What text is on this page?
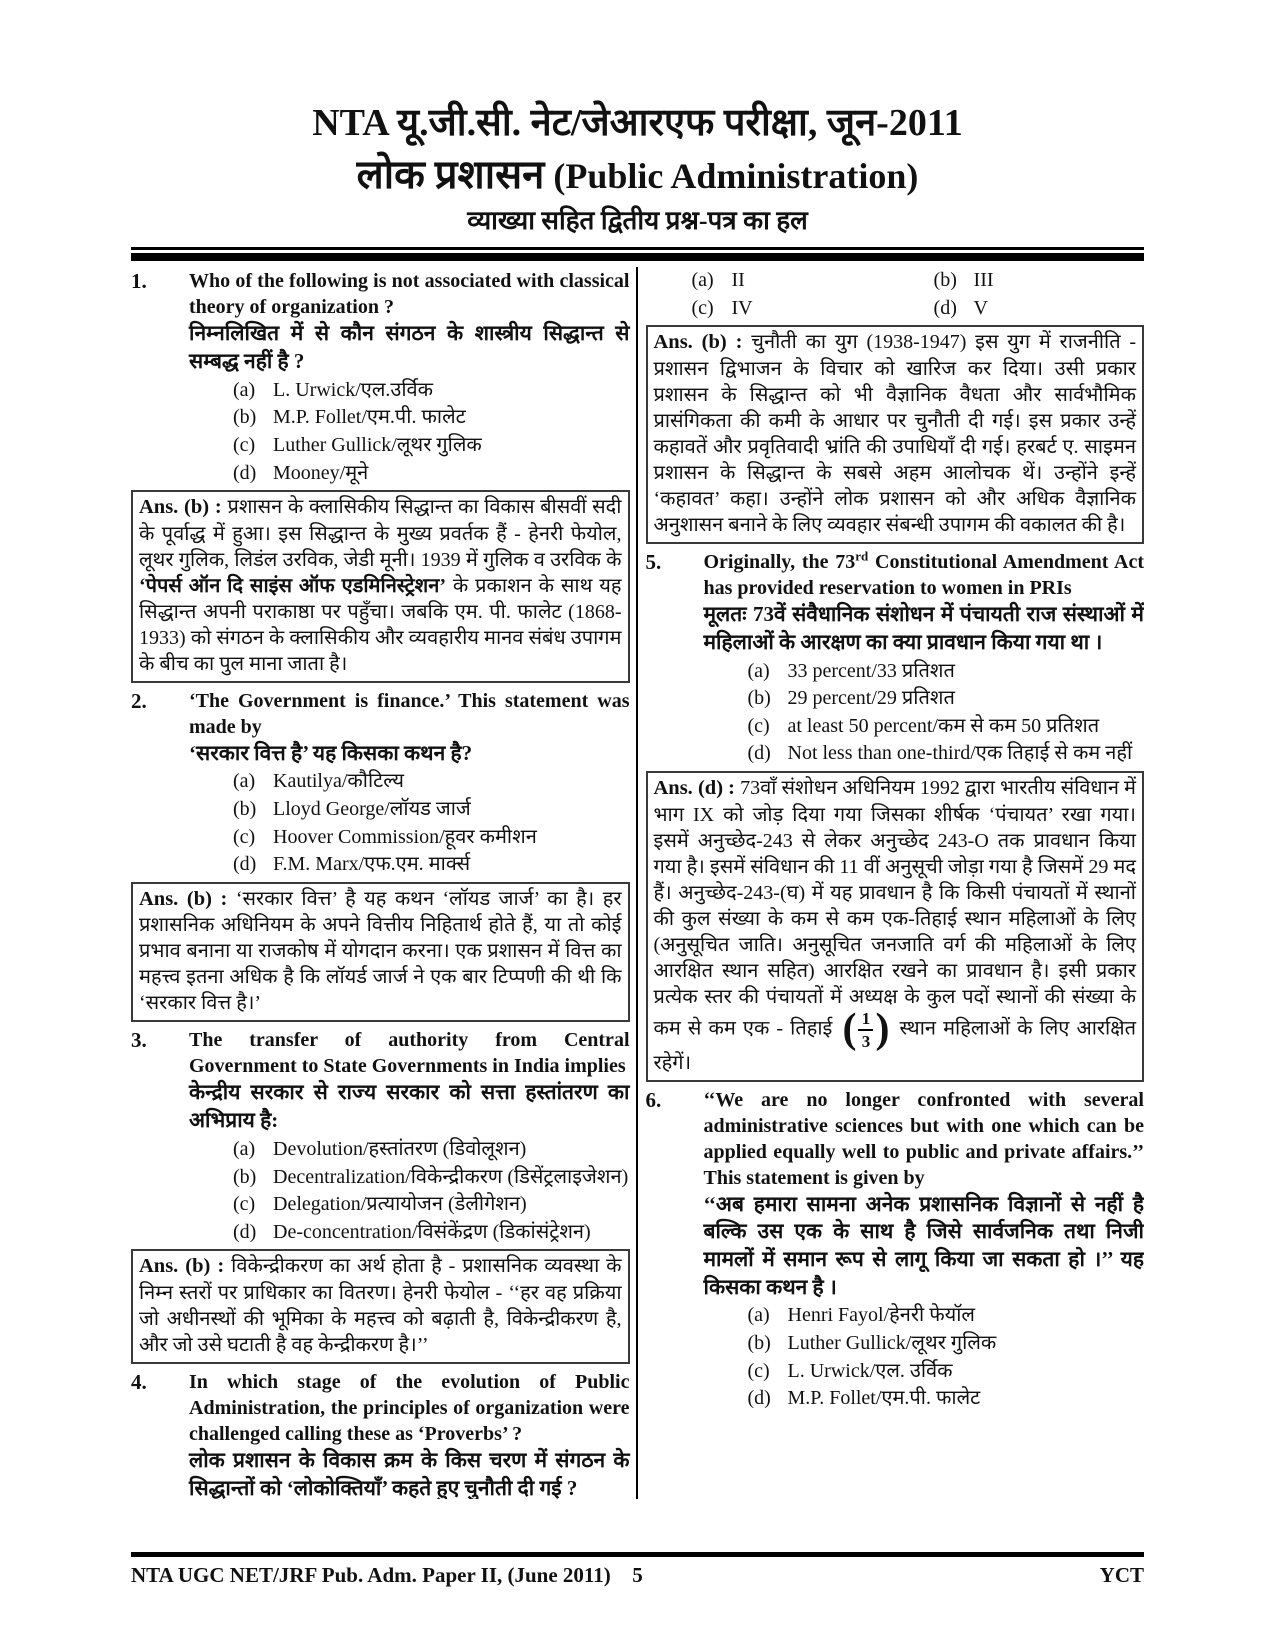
NTA यू.जी.सी. नेट/जेआरएफ परीक्षा, जून-2011
लोक प्रशासन (Public Administration)
व्याख्या सहित द्वितीय प्रश्न-पत्र का हल
1.	Who of the following is not associated with classical theory of organization ?

निम्नलिखित में से कौन संगठन के शास्त्रीय सिद्धान्त से सम्बद्ध नहीं है ?

(a) L. Urwick/एल.उर्विक
(b) M.P. Follet/एम.पी. फालेट
(c) Luther Gullick/लूथर गुलिक
(d) Mooney/मूने
Ans. (b) : प्रशासन के क्लासिकीय सिद्धान्त का विकास बीसवीं सदी के पूर्वाद्ध में हुआ। इस सिद्धान्त के मुख्य प्रवर्तक हैं - हेनरी फेयोल, लूथर गुलिक, लिडंल उरविक, जेडी मूनी। 1939 में गुलिक व उरविक के ‘पेपर्स ऑन दि साइंस ऑफ एडमिनिस्ट्रेशन’ के प्रकाशन के साथ यह सिद्धान्त अपनी पराकाष्ठा पर पहुँचा। जबकि एम. पी. फालेट (1868-1933) को संगठन के क्लासिकीय और व्यवहारीय मानव संबंध उपागम के बीच का पुल माना जाता है।
2.	‘The Government is finance.’ This statement was made by

‘सरकार वित्त है’ यह किसका कथन है?

(a) Kautilya/कौटिल्य
(b) Lloyd George/लॉयड जार्ज
(c) Hoover Commission/हूवर कमीशन
(d) F.M. Marx/एफ.एम. मार्क्स
Ans. (b) : ‘सरकार वित्त’ है यह कथन ‘लॉयड जार्ज’ का है। हर प्रशासनिक अधिनियम के अपने वित्तीय निहितार्थ होते हैं, या तो कोई प्रभाव बनाना या राजकोष में योगदान करना। एक प्रशासन में वित्त का महत्त्व इतना अधिक है कि लॉयर्ड जार्ज ने एक बार टिप्पणी की थी कि ‘सरकार वित्त है।’
3.	The transfer of authority from Central Government to State Governments in India implies

केन्द्रीय सरकार से राज्य सरकार को सत्ता हस्तांतरण का अभिप्राय है:

(a) Devolution/हस्तांतरण (डिवोलूशन)
(b) Decentralization/विकेन्द्रीकरण (डिसेंट्रलाइजेशन)
(c) Delegation/प्रत्यायोजन (डेलीगेशन)
(d) De-concentration/विसंकेंद्रण (डिकांसंट्रेशन)
Ans. (b) : विकेन्द्रीकरण का अर्थ होता है - प्रशासनिक व्यवस्था के निम्न स्तरों पर प्राधिकार का वितरण। हेनरी फेयोल - ‘‘हर वह प्रक्रिया जो अधीनस्थों की भूमिका के महत्त्व को बढ़ाती है, विकेन्द्रीकरण है, और जो उसे घटाती है वह केन्द्रीकरण है।’’
4.	In which stage of the evolution of Public Administration, the principles of organization were challenged calling these as ‘Proverbs’ ?

लोक प्रशासन के विकास क्रम के किस चरण में संगठन के सिद्धान्तों को ‘लोकोक्तियाँ’ कहते हुए चुनौती दी गई ?

(a) II	(b) III
(c) IV	(d) V
Ans. (b) : चुनौती का युग (1938-1947) इस युग में राजनीति - प्रशासन द्विभाजन के विचार को खारिज कर दिया। उसी प्रकार प्रशासन के सिद्धान्त को भी वैज्ञानिक वैधता और सार्वभौमिक प्रासंगिकता की कमी के आधार पर चुनौती दी गई। इस प्रकार उन्हें कहावतें और प्रवृतिवादी भ्रांति की उपाधियाँ दी गई। हरबर्ट ए. साइमन प्रशासन के सिद्धान्त के सबसे अहम आलोचक थें। उन्होंने इन्हें ‘कहावत’ कहा। उन्होंने लोक प्रशासन को और अधिक वैज्ञानिक अनुशासन बनाने के लिए व्यवहार संबन्धी उपागम की वकालत की है।
5.	Originally, the 73rd Constitutional Amendment Act has provided reservation to women in PRIs

मूलतः 73वें संवैधानिक संशोधन में पंचायती राज संस्थाओं में महिलाओं के आरक्षण का क्या प्रावधान किया गया था ।

(a) 33 percent/33 प्रतिशत
(b) 29 percent/29 प्रतिशत
(c) at least 50 percent/कम से कम 50 प्रतिशत
(d) Not less than one-third/एक तिहाई से कम नहीं
Ans. (d) : 73वाँ संशोधन अधिनियम 1992 द्वारा भारतीय संविधान में भाग IX को जोड़ दिया गया जिसका शीर्षक ‘पंचायत’ रखा गया। इसमें अनुच्छेद-243 से लेकर अनुच्छेद 243-O तक प्रावधान किया गया है। इसमें संविधान की 11 वीं अनुसूची जोड़ा गया है जिसमें 29 मद हैं। अनुच्छेद-243-(घ) में यह प्रावधान है कि किसी पंचायतों में स्थानों की कुल संख्या के कम से कम एक-तिहाई स्थान महिलाओं के लिए (अनुसूचित जाति। अनुसूचित जनजाति वर्ग की महिलाओं के लिए आरक्षित स्थान सहित) आरक्षित रखने का प्रावधान है। इसी प्रकार प्रत्येक स्तर की पंचायतों में अध्यक्ष के कुल पदों स्थानों की संख्या के कम से कम एक - तिहाई ( $\frac{1}{3}$ ) स्थान महिलाओं के लिए आरक्षित रहेगें।
6.	‘‘We are no longer confronted with several administrative sciences but with one which can be applied equally well to public and private affairs.’’ This statement is given by

‘‘अब हमारा सामना अनेक प्रशासनिक विज्ञानों से नहीं है बल्कि उस एक के साथ है जिसे सार्वजनिक तथा निजी मामलों में समान रूप से लागू किया जा सकता हो ।’’ यह किसका कथन है ।

(a) Henri Fayol/हेनरी फेयॉल
(b) Luther Gullick/लूथर गुलिक
(c) L. Urwick/एल. उर्विक
(d) M.P. Follet/एम.पी. फालेट
NTA UGC NET/JRF Pub. Adm. Paper II, (June 2011)	5	YCT
